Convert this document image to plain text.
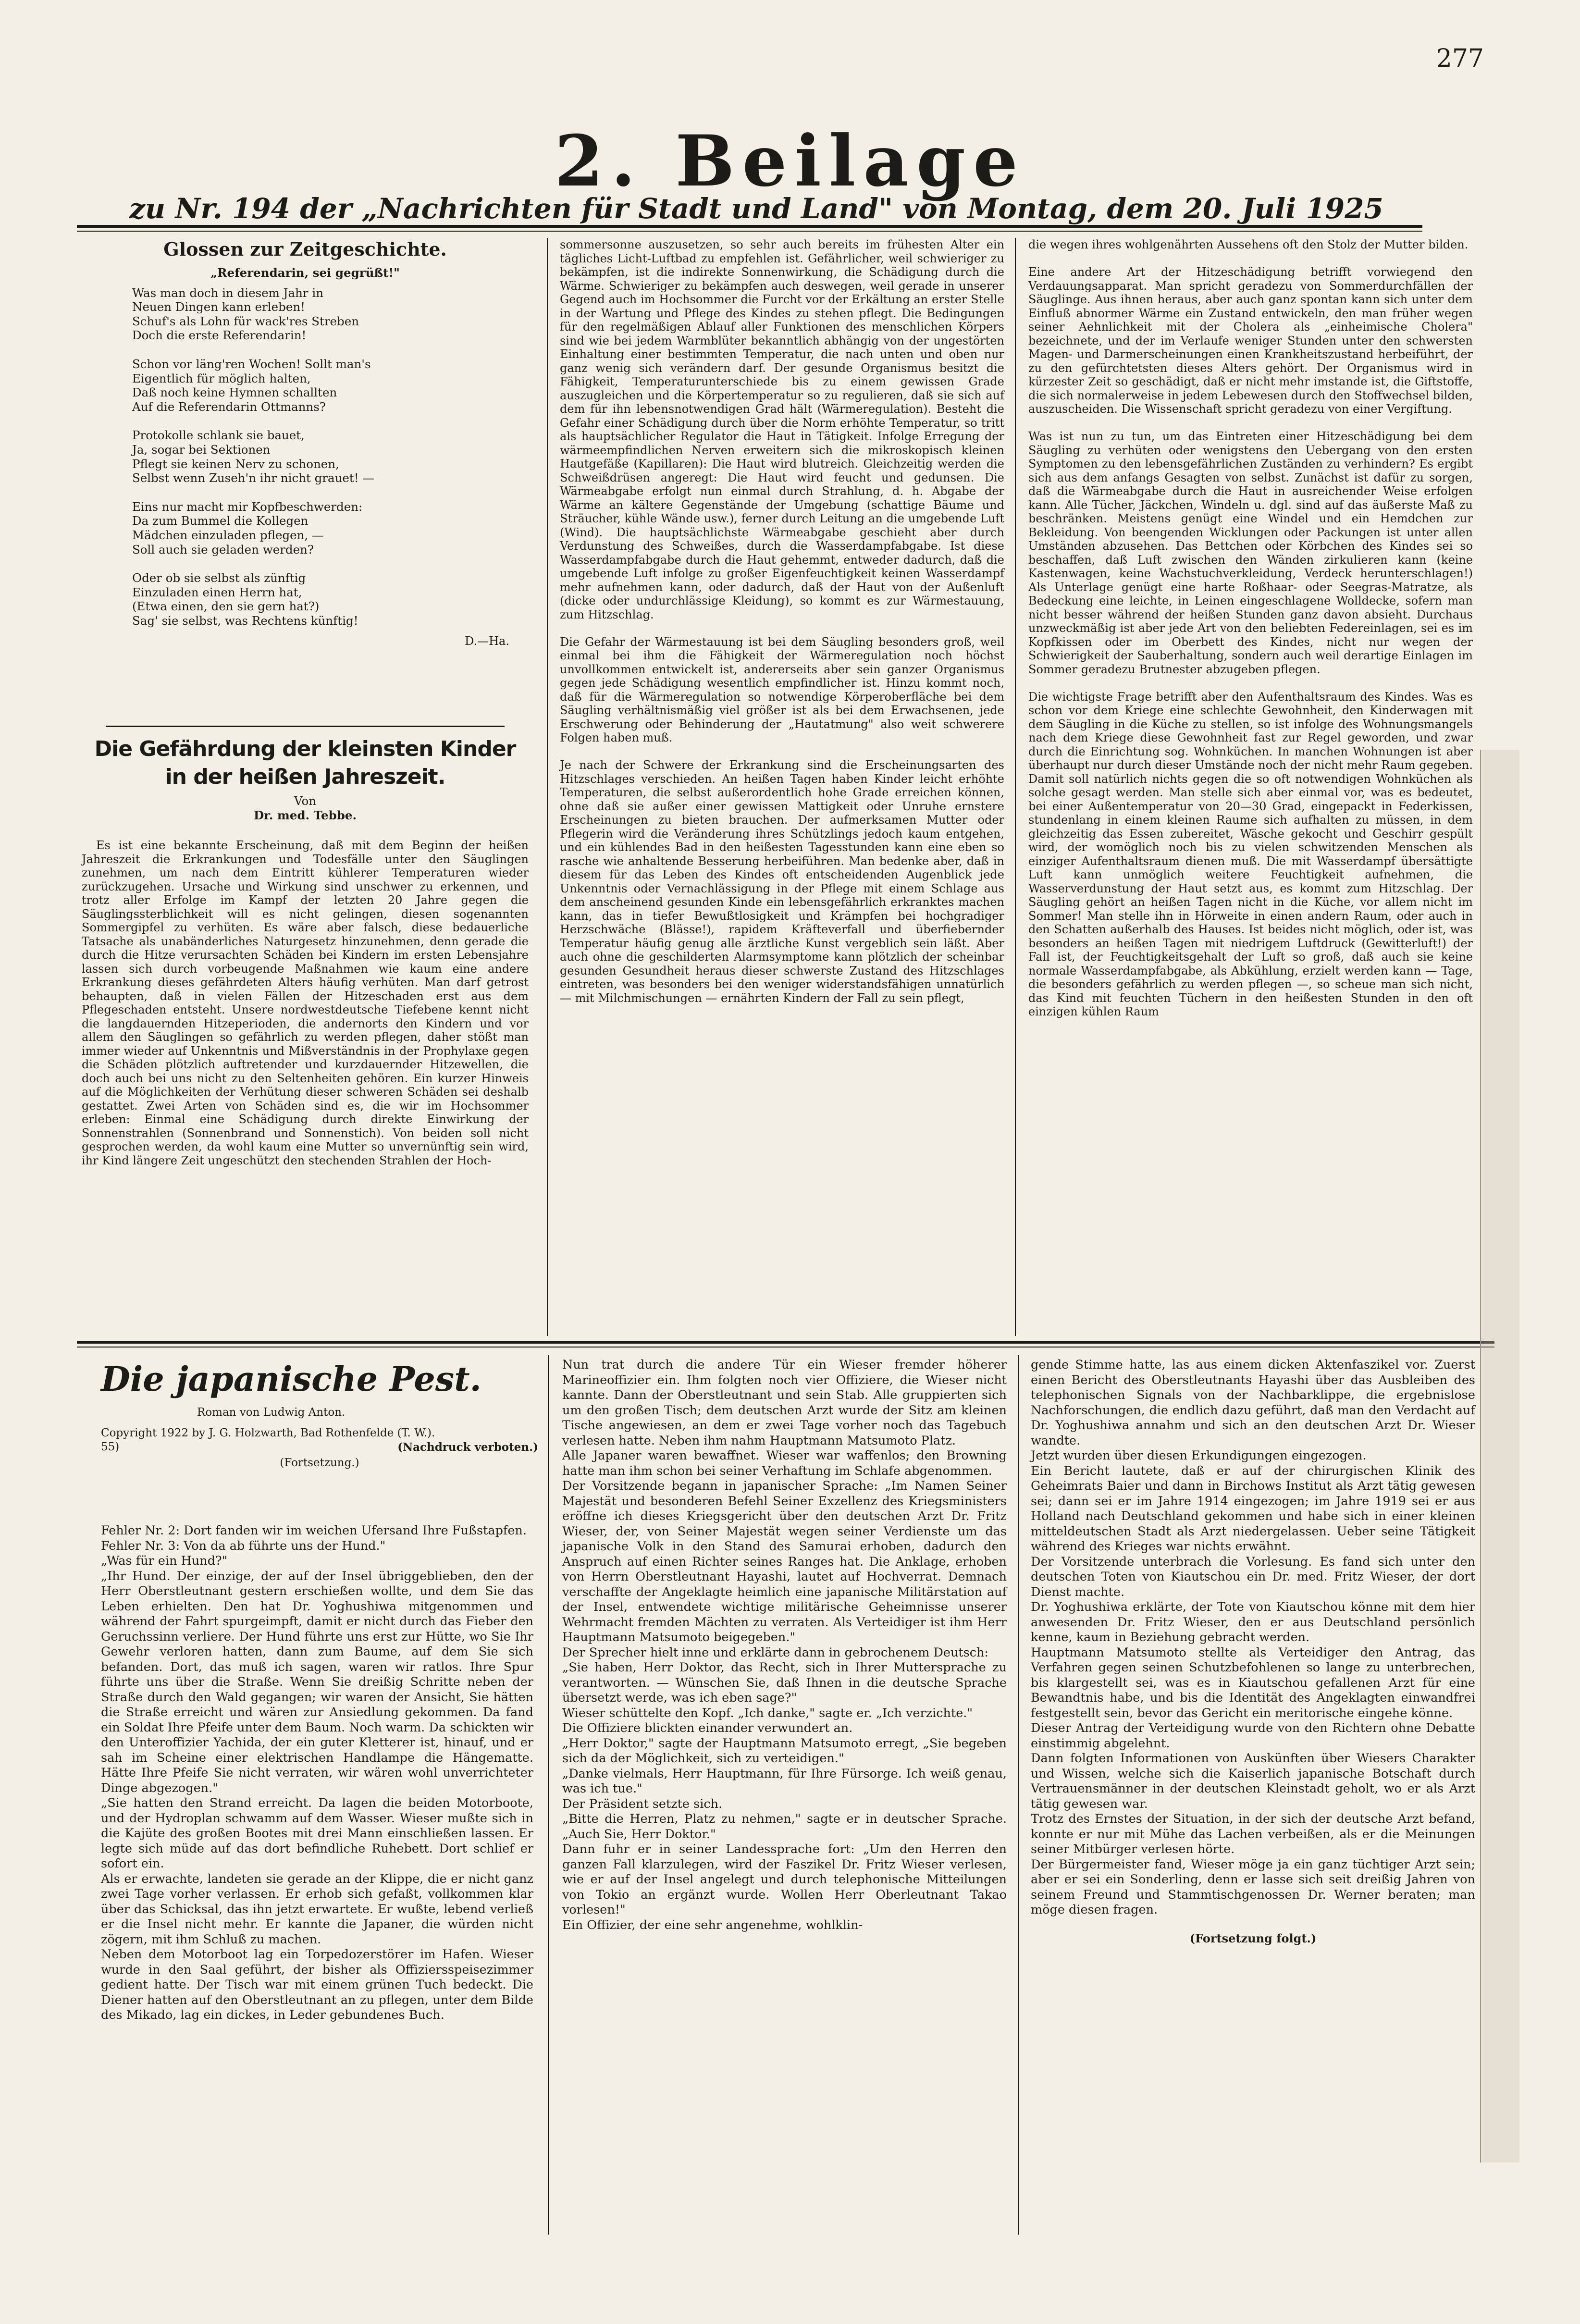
277
2. Beilage
zu Nr. 194 der „Nachrichten für Stadt und Land" von Montag, dem 20. Juli 1925
Glossen zur Zeitgeschichte.
„Referendarin, sei gegrüßt!"

Was man doch in diesem Jahr in
Neuen Dingen kann erleben!
Schuf's als Lohn für wack'res Streben
Doch die erste Referendarin!

Schon vor läng'ren Wochen! Sollt man's
Eigentlich für möglich halten,
Daß noch keine Hymnen schallten
Auf die Referendarin Ottmanns?

Protokolle schlank sie bauet,
Ja, sogar bei Sektionen
Pflegt sie keinen Nerv zu schonen,
Selbst wenn Zuseh'n ihr nicht grauet! —

Eins nur macht mir Kopfbeschwerden:
Da zum Bummel die Kollegen
Mädchen einzuladen pflegen, —
Soll auch sie geladen werden?

Oder ob sie selbst als zünftig
Einzuladen einen Herrn hat,
(Etwa einen, den sie gern hat?)
Sag' sie selbst, was Rechtens künftig!

D.—Ha.
Die Gefährdung der kleinsten Kinder in der heißen Jahreszeit.
Von
Dr. med. Tebbe.
Es ist eine bekannte Erscheinung, daß mit dem Beginn der heißen Jahreszeit die Erkrankungen und Todesfälle unter den Säuglingen zunehmen, um nach dem Eintritt kühlerer Temperaturen wieder zurückzugehen. Ursache und Wirkung sind unschwer zu erkennen, und trotz aller Erfolge im Kampf der letzten 20 Jahre gegen die Säuglingssterblichkeit will es nicht gelingen, diesen sogenannten Sommergipfel zu verhüten. Es wäre aber falsch, diese bedauerliche Tatsache als unabänderliches Naturgesetz hinzunehmen, denn gerade die durch die Hitze verursachten Schäden bei Kindern im ersten Lebensjahre lassen sich durch vorbeugende Maßnahmen wie kaum eine andere Erkrankung dieses gefährdeten Alters häufig verhüten. Man darf getrost behaupten, daß in vielen Fällen der Hitzeschaden erst aus dem Pflegeschaden entsteht. Unsere nordwestdeutsche Tiefebene kennt nicht die langdauernden Hitzeperioden, die andernorts den Kindern und vor allem den Säuglingen so gefährlich zu werden pflegen, daher stößt man immer wieder auf Unkenntnis und Mißverständnis in der Prophylaxe gegen die Schäden plötzlich auftretender und kurzdauernder Hitzewellen, die doch auch bei uns nicht zu den Seltenheiten gehören. Ein kurzer Hinweis auf die Möglichkeiten der Verhütung dieser schweren Schäden sei deshalb gestattet. Zwei Arten von Schäden sind es, die wir im Hochsommer erleben: Einmal eine Schädigung durch direkte Einwirkung der Sonnenstrahlen (Sonnenbrand und Sonnenstich). Von beiden soll nicht gesprochen werden, da wohl kaum eine Mutter so unvernünftig sein wird, ihr Kind längere Zeit ungeschützt den stechenden Strahlen der Hoch-
sommersonne auszusetzen, so sehr auch bereits im frühesten Alter ein tägliches Licht-Luftbad zu empfehlen ist. Gefährlicher, weil schwieriger zu bekämpfen, ist die indirekte Sonnenwirkung, die Schädigung durch die Wärme. Schwieriger zu bekämpfen auch deswegen, weil gerade in unserer Gegend auch im Hochsommer die Furcht vor der Erkältung an erster Stelle in der Wartung und Pflege des Kindes zu stehen pflegt. Die Bedingungen für den regelmäßigen Ablauf aller Funktionen des menschlichen Körpers sind wie bei jedem Warmblüter bekanntlich abhängig von der ungestörten Einhaltung einer bestimmten Temperatur, die nach unten und oben nur ganz wenig sich verändern darf. Der gesunde Organismus besitzt die Fähigkeit, Temperaturunterschiede bis zu einem gewissen Grade auszugleichen und die Körpertemperatur so zu regulieren, daß sie sich auf dem für ihn lebensnotwendigen Grad hält (Wärmeregulation). Besteht die Gefahr einer Schädigung durch über die Norm erhöhte Temperatur, so tritt als hauptsächlicher Regulator die Haut in Tätigkeit. Infolge Erregung der wärmeempfindlichen Nerven erweitern sich die mikroskopisch kleinen Hautgefäße (Kapillaren): Die Haut wird blutreich. Gleichzeitig werden die Schweißdrüsen angeregt: Die Haut wird feucht und gedunsen. Die Wärmeabgabe erfolgt nun einmal durch Strahlung, d. h. Abgabe der Wärme an kältere Gegenstände der Umgebung (schattige Bäume und Sträucher, kühle Wände usw.), ferner durch Leitung an die umgebende Luft (Wind). Die hauptsächlichste Wärmeabgabe geschieht aber durch Verdunstung des Schweißes, durch die Wasserdampfabgabe. Ist diese Wasserdampfabgabe durch die Haut gehemmt, entweder dadurch, daß die umgebende Luft infolge zu großer Eigenfeuchtigkeit keinen Wasserdampf mehr aufnehmen kann, oder dadurch, daß der Haut von der Außenluft (dicke oder undurchlässige Kleidung), so kommt es zur Wärmestauung, zum Hitzschlag.

Die Gefahr der Wärmestauung ist bei dem Säugling besonders groß, weil einmal bei ihm die Fähigkeit der Wärmeregulation noch höchst unvollkommen entwickelt ist, andererseits aber sein ganzer Organismus gegen jede Schädigung wesentlich empfindlicher ist. Hinzu kommt noch, daß für die Wärmeregulation so notwendige Körperoberfläche bei dem Säugling verhältnismäßig viel größer ist als bei dem Erwachsenen, jede Erschwerung oder Behinderung der „Hautatmung" also weit schwerere Folgen haben muß.

Je nach der Schwere der Erkrankung sind die Erscheinungsarten des Hitzschlages verschieden. An heißen Tagen haben Kinder leicht erhöhte Temperaturen, die selbst außerordentlich hohe Grade erreichen können, ohne daß sie außer einer gewissen Mattigkeit oder Unruhe ernstere Erscheinungen zu bieten brauchen. Der aufmerksamen Mutter oder Pflegerin wird die Veränderung ihres Schützlings jedoch kaum entgehen, und ein kühlendes Bad in den heißesten Tagesstunden kann eine eben so rasche wie anhaltende Besserung herbeiführen. Man bedenke aber, daß in diesem für das Leben des Kindes oft entscheidenden Augenblick jede Unkenntnis oder Vernachlässigung in der Pflege mit einem Schlage aus dem anscheinend gesunden Kinde ein lebensgefährlich erkranktes machen kann, das in tiefer Bewußtlosigkeit und Krämpfen bei hochgradiger Herzschwäche (Blässe!), rapidem Kräfteverfall und überfiebernder Temperatur häufig genug alle ärztliche Kunst vergeblich sein läßt. Aber auch ohne die geschilderten Alarmsymptome kann plötzlich der scheinbar gesunden Gesundheit heraus dieser schwerste Zustand des Hitzschlages eintreten, was besonders bei den weniger widerstandsfähigen unnatürlich — mit Milchmischungen — ernährten Kindern der Fall zu sein pflegt,
die wegen ihres wohlgenährten Aussehens oft den Stolz der Mutter bilden.

Eine andere Art der Hitzeschädigung betrifft vorwiegend den Verdauungsapparat. Man spricht geradezu von Sommerdurchfällen der Säuglinge. Aus ihnen heraus, aber auch ganz spontan kann sich unter dem Einfluß abnormer Wärme ein Zustand entwickeln, den man früher wegen seiner Aehnlichkeit mit der Cholera als „einheimische Cholera" bezeichnete, und der im Verlaufe weniger Stunden unter den schwersten Magen- und Darmerscheinungen einen Krankheitszustand herbeiführt, der zu den gefürchtetsten dieses Alters gehört. Der Organismus wird in kürzester Zeit so geschädigt, daß er nicht mehr imstande ist, die Giftstoffe, die sich normalerweise in jedem Lebewesen durch den Stoffwechsel bilden, auszuscheiden. Die Wissenschaft spricht geradezu von einer Vergiftung.

Was ist nun zu tun, um das Eintreten einer Hitzeschädigung bei dem Säugling zu verhüten oder wenigstens den Uebergang von den ersten Symptomen zu den lebensgefährlichen Zuständen zu verhindern? Es ergibt sich aus dem anfangs Gesagten von selbst. Zunächst ist dafür zu sorgen, daß die Wärmeabgabe durch die Haut in ausreichender Weise erfolgen kann. Alle Tücher, Jäckchen, Windeln u. dgl. sind auf das äußerste Maß zu beschränken. Meistens genügt eine Windel und ein Hemdchen zur Bekleidung. Von beengenden Wicklungen oder Packungen ist unter allen Umständen abzusehen. Das Bettchen oder Körbchen des Kindes sei so beschaffen, daß Luft zwischen den Wänden zirkulieren kann (keine Kastenwagen, keine Wachstuchverkleidung, Verdeck herunterschlagen!) Als Unterlage genügt eine harte Roßhaar- oder Seegras-Matratze, als Bedeckung eine leichte, in Leinen eingeschlagene Wolldecke, sofern man nicht besser während der heißen Stunden ganz davon absieht. Durchaus unzweckmäßig ist aber jede Art von den beliebten Federeinlagen, sei es im Kopfkissen oder im Oberbett des Kindes, nicht nur wegen der Schwierigkeit der Sauberhaltung, sondern auch weil derartige Einlagen im Sommer geradezu Brutnester abzugeben pflegen.

Die wichtigste Frage betrifft aber den Aufenthaltsraum des Kindes. Was es schon vor dem Kriege eine schlechte Gewohnheit, den Kinderwagen mit dem Säugling in die Küche zu stellen, so ist infolge des Wohnungsmangels nach dem Kriege diese Gewohnheit fast zur Regel geworden, und zwar durch die Einrichtung sog. Wohnküchen. In manchen Wohnungen ist aber überhaupt nur durch dieser Umstände noch der nicht mehr Raum gegeben. Damit soll natürlich nichts gegen die so oft notwendigen Wohnküchen als solche gesagt werden. Man stelle sich aber einmal vor, was es bedeutet, bei einer Außentemperatur von 20—30 Grad, eingepackt in Federkissen, stundenlang in einem kleinen Raume sich aufhalten zu müssen, in dem gleichzeitig das Essen zubereitet, Wäsche gekocht und Geschirr gespült wird, der womöglich noch bis zu vielen schwitzenden Menschen als einziger Aufenthaltsraum dienen muß. Die mit Wasserdampf übersättigte Luft kann unmöglich weitere Feuchtigkeit aufnehmen, die Wasserverdunstung der Haut setzt aus, es kommt zum Hitzschlag. Der Säugling gehört an heißen Tagen nicht in die Küche, vor allem nicht im Sommer! Man stelle ihn in Hörweite in einen andern Raum, oder auch in den Schatten außerhalb des Hauses. Ist beides nicht möglich, oder ist, was besonders an heißen Tagen mit niedrigem Luftdruck (Gewitterluft!) der Fall ist, der Feuchtigkeitsgehalt der Luft so groß, daß auch sie keine normale Wasserdampfabgabe, als Abkühlung, erzielt werden kann — Tage, die besonders gefährlich zu werden pflegen —, so scheue man sich nicht, das Kind mit feuchten Tüchern in den heißesten Stunden in den oft einzigen kühlen Raum
Die japanische Pest.
Roman von Ludwig Anton.
Copyright 1922 by J. G. Holzwarth, Bad Rothenfelde (T. W.).
55)	(Nachdruck verboten.)
(Fortsetzung.)
Fehler Nr. 2: Dort fanden wir im weichen Ufersand Ihre Fußstapfen.
Fehler Nr. 3: Von da ab führte uns der Hund."
„Was für ein Hund?"
„Ihr Hund. Der einzige, der auf der Insel übriggeblieben, den der Herr Oberstleutnant gestern erschießen wollte, und dem Sie das Leben erhielten. Den hat Dr. Yoghushiwa mitgenommen und während der Fahrt spurgeimpft, damit er nicht durch das Fieber den Geruchssinn verliere. Der Hund führte uns erst zur Hütte, wo Sie Ihr Gewehr verloren hatten, dann zum Baume, auf dem Sie sich befanden. Dort, das muß ich sagen, waren wir ratlos. Ihre Spur führte uns über die Straße. Wenn Sie dreißig Schritte neben der Straße durch den Wald gegangen; wir waren der Ansicht, Sie hätten die Straße erreicht und wären zur Ansiedlung gekommen. Da fand ein Soldat Ihre Pfeife unter dem Baum. Noch warm. Da schickten wir den Unteroffizier Yachida, der ein guter Kletterer ist, hinauf, und er sah im Scheine einer elektrischen Handlampe die Hängematte. Hätte Ihre Pfeife Sie nicht verraten, wir wären wohl unverrichteter Dinge abgezogen."
„Sie hatten den Strand erreicht. Da lagen die beiden Motorboote, und der Hydroplan schwamm auf dem Wasser. Wieser mußte sich in die Kajüte des großen Bootes mit drei Mann einschließen lassen. Er legte sich müde auf das dort befindliche Ruhebett. Dort schlief er sofort ein.
Als er erwachte, landeten sie gerade an der Klippe, die er nicht ganz zwei Tage vorher verlassen. Er erhob sich gefaßt, vollkommen klar über das Schicksal, das ihn jetzt erwartete. Er wußte, lebend verließ er die Insel nicht mehr. Er kannte die Japaner, die würden nicht zögern, mit ihm Schluß zu machen.
Neben dem Motorboot lag ein Torpedozerstörer im Hafen. Wieser wurde in den Saal geführt, der bisher als Offiziersspeisezimmer gedient hatte. Der Tisch war mit einem grünen Tuch bedeckt. Die Diener hatten auf den Oberstleutnant an zu pflegen, unter dem Bilde des Mikado, lag ein dickes, in Leder gebundenes Buch.
Nun trat durch die andere Tür ein Wieser fremder höherer Marineoffizier ein. Ihm folgten noch vier Offiziere, die Wieser nicht kannte. Dann der Oberstleutnant und sein Stab. Alle gruppierten sich um den großen Tisch; dem deutschen Arzt wurde der Sitz am kleinen Tische angewiesen, an dem er zwei Tage vorher noch das Tagebuch verlesen hatte. Neben ihm nahm Hauptmann Matsumoto Platz.
Alle Japaner waren bewaffnet. Wieser war waffenlos; den Browning hatte man ihm schon bei seiner Verhaftung im Schlafe abgenommen.
Der Vorsitzende begann in japanischer Sprache: „Im Namen Seiner Majestät und besonderen Befehl Seiner Exzellenz des Kriegsministers eröffne ich dieses Kriegsgericht über den deutschen Arzt Dr. Fritz Wieser, der, von Seiner Majestät wegen seiner Verdienste um das japanische Volk in den Stand des Samurai erhoben, dadurch den Anspruch auf einen Richter seines Ranges hat. Die Anklage, erhoben von Herrn Oberstleutnant Hayashi, lautet auf Hochverrat. Demnach verschaffte der Angeklagte heimlich eine japanische Militärstation auf der Insel, entwendete wichtige militärische Geheimnisse unserer Wehrmacht fremden Mächten zu verraten. Als Verteidiger ist ihm Herr Hauptmann Matsumoto beigegeben."
Der Sprecher hielt inne und erklärte dann in gebrochenem Deutsch:
„Sie haben, Herr Doktor, das Recht, sich in Ihrer Muttersprache zu verantworten. — Wünschen Sie, daß Ihnen in die deutsche Sprache übersetzt werde, was ich eben sage?"
Wieser schüttelte den Kopf. „Ich danke," sagte er. „Ich verzichte."
Die Offiziere blickten einander verwundert an.
„Herr Doktor," sagte der Hauptmann Matsumoto erregt, „Sie begeben sich da der Möglichkeit, sich zu verteidigen."
„Danke vielmals, Herr Hauptmann, für Ihre Fürsorge. Ich weiß genau, was ich tue."
Der Präsident setzte sich.
„Bitte die Herren, Platz zu nehmen," sagte er in deutscher Sprache. „Auch Sie, Herr Doktor."
Dann fuhr er in seiner Landessprache fort: „Um den Herren den ganzen Fall klarzulegen, wird der Faszikel Dr. Fritz Wieser verlesen, wie er auf der Insel angelegt und durch telephonische Mitteilungen von Tokio an ergänzt wurde. Wollen Herr Oberleutnant Takao vorlesen!"
Ein Offizier, der eine sehr angenehme, wohlklin-
gende Stimme hatte, las aus einem dicken Aktenfaszikel vor. Zuerst einen Bericht des Oberstleutnants Hayashi über das Ausbleiben des telephonischen Signals von der Nachbarklippe, die ergebnislose Nachforschungen, die endlich dazu geführt, daß man den Verdacht auf Dr. Yoghushiwa annahm und sich an den deutschen Arzt Dr. Wieser wandte.
Jetzt wurden über diesen Erkundigungen eingezogen.
Ein Bericht lautete, daß er auf der chirurgischen Klinik des Geheimrats Baier und dann in Birchows Institut als Arzt tätig gewesen sei; dann sei er im Jahre 1914 eingezogen; im Jahre 1919 sei er aus Holland nach Deutschland gekommen und habe sich in einer kleinen mitteldeutschen Stadt als Arzt niedergelassen. Ueber seine Tätigkeit während des Krieges war nichts erwähnt.
Der Vorsitzende unterbrach die Vorlesung. Es fand sich unter den deutschen Toten von Kiautschou ein Dr. med. Fritz Wieser, der dort Dienst machte.
Dr. Yoghushiwa erklärte, der Tote von Kiautschou könne mit dem hier anwesenden Dr. Fritz Wieser, den er aus Deutschland persönlich kenne, kaum in Beziehung gebracht werden.
Hauptmann Matsumoto stellte als Verteidiger den Antrag, das Verfahren gegen seinen Schutzbefohlenen so lange zu unterbrechen, bis klargestellt sei, was es in Kiautschou gefallenen Arzt für eine Bewandtnis habe, und bis die Identität des Angeklagten einwandfrei festgestellt sein, bevor das Gericht ein meritorische eingehe könne.
Dieser Antrag der Verteidigung wurde von den Richtern ohne Debatte einstimmig abgelehnt.
Dann folgten Informationen von Auskünften über Wiesers Charakter und Wissen, welche sich die Kaiserlich japanische Botschaft durch Vertrauensmänner in der deutschen Kleinstadt geholt, wo er als Arzt tätig gewesen war.
Trotz des Ernstes der Situation, in der sich der deutsche Arzt befand, konnte er nur mit Mühe das Lachen verbeißen, als er die Meinungen seiner Mitbürger verlesen hörte.
Der Bürgermeister fand, Wieser möge ja ein ganz tüchtiger Arzt sein; aber er sei ein Sonderling, denn er lasse sich seit dreißig Jahren von seinem Freund und Stammtischgenossen Dr. Werner beraten; man möge diesen fragen.
(Fortsetzung folgt.)
